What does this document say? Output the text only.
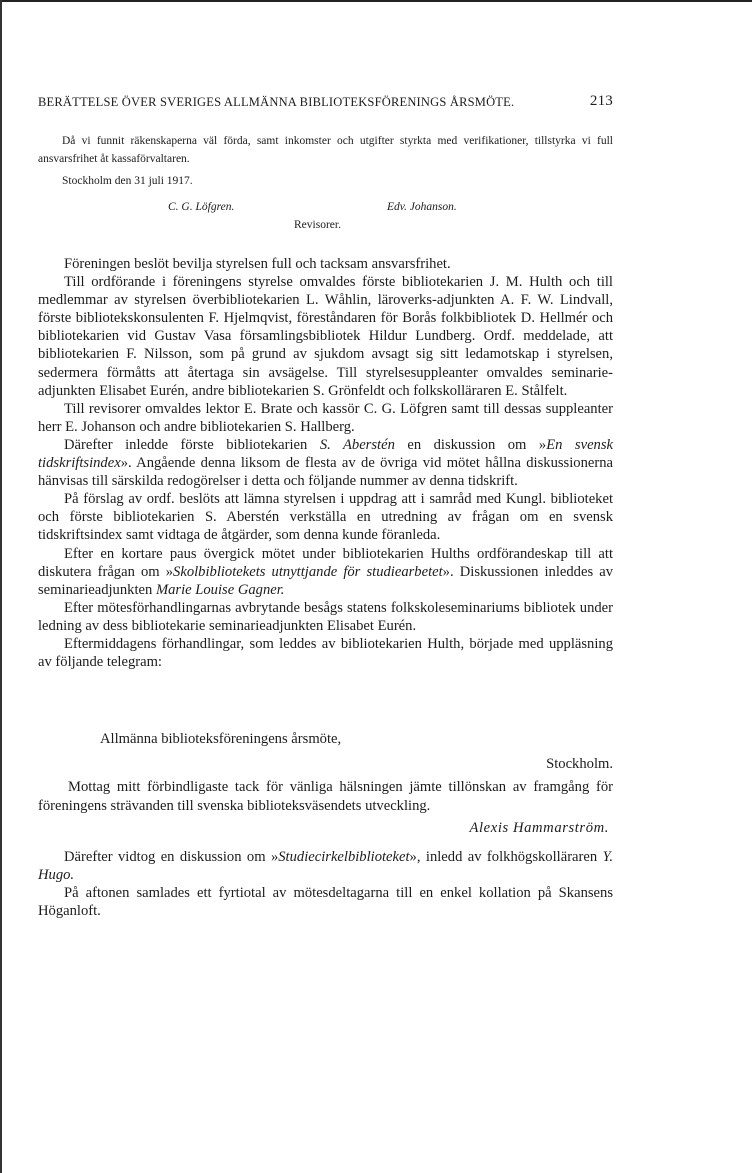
BERÄTTELSE ÖVER SVERIGES ALLMÄNNA BIBLIOTEKSFÖRENINGS ÅRSMÖTE.	213
Då vi funnit räkenskaperna väl förda, samt inkomster och utgifter styrkta med verifikationer, tillstyrka vi full ansvarsfrihet åt kassaförvaltaren.
Stockholm den 31 juli 1917.
C. G. Löfgren.	Edv. Johanson.
Revisorer.

Föreningen beslöt bevilja styrelsen full och tacksam ansvarsfrihet.

Till ordförande i föreningens styrelse omvaldes förste bibliotekarien J. M. Hulth och till medlemmar av styrelsen överbibliotekarien L. Wåhlin, läroverks-adjunkten A. F. W. Lindvall, förste bibliotekskonsulenten F. Hjelmqvist, föreståndaren för Borås folkbibliotek D. Hellmér och bibliotekarien vid Gustav Vasa församlingsbibliotek Hildur Lundberg. Ordf. meddelade, att bibliotekarien F. Nilsson, som på grund av sjukdom avsagt sig sitt ledamotskap i styrelsen, sedermera förmåtts att återtaga sin avsägelse. Till styrelsesuppleanter omvaldes seminarie-adjunkten Elisabet Eurén, andre bibliotekarien S. Grönfeldt och folkskolläraren E. Stålfelt.

Till revisorer omvaldes lektor E. Brate och kassör C. G. Löfgren samt till dessas suppleanter herr E. Johanson och andre bibliotekarien S. Hallberg.

Därefter inledde förste bibliotekarien S. Aberstén en diskussion om »En svensk tidskriftsindex». Angående denna liksom de flesta av de övriga vid mötet hållna diskussionerna hänvisas till särskilda redogörelser i detta och följande nummer av denna tidskrift.

På förslag av ordf. beslöts att lämna styrelsen i uppdrag att i samråd med Kungl. biblioteket och förste bibliotekarien S. Aberstén verkställa en utredning av frågan om en svensk tidskriftsindex samt vidtaga de åtgärder, som denna kunde föranleda.

Efter en kortare paus övergick mötet under bibliotekarien Hulths ordförandeskap till att diskutera frågan om »Skolbibliotekets utnyttjande för studiearbetet». Diskussionen inleddes av seminarieadjunkten Marie Louise Gagner.

Efter mötesförhandlingarnas avbrytande besågs statens folkskoleseminariums bibliotek under ledning av dess bibliotekarie seminarieadjunkten Elisabet Eurén.

Eftermiddagens förhandlingar, som leddes av bibliotekarien Hulth, började med uppläsning av följande telegram:

Allmänna biblioteksföreningens årsmöte,
Stockholm.
Mottag mitt förbindligaste tack för vänliga hälsningen jämte tillönskan av framgång för föreningens strävanden till svenska biblioteksväsendets utveckling.
Alexis Hammarström.

Därefter vidtog en diskussion om »Studiecirkelbiblioteket», inledd av folkhögskolläraren Y. Hugo.

På aftonen samlades ett fyrtiotal av mötesdeltagarna till en enkel kollation på Skansens Höganloft.
